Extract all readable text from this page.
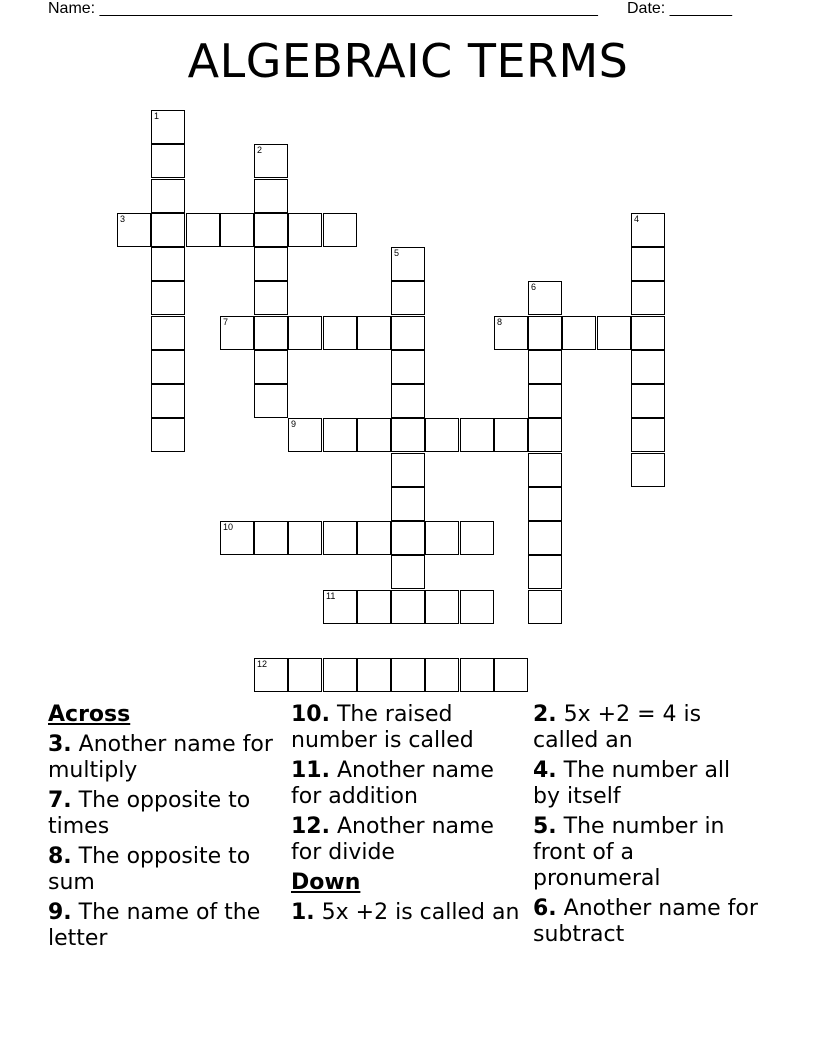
Name: ________________________________________________________ Date: _______
ALGEBRAIC TERMS
1
2
3	4
5
6
7	8
9
10
11
12
Across
3. Another name for multiply
7. The opposite to times
8. The opposite to sum
9. The name of the letter
10. The raised number is called
11. Another name for addition
12. Another name for divide
Down
1. 5x +2 is called an
2. 5x +2 = 4 is called an
4. The number all by itself
5. The number in front of a pronumeral
6. Another name for subtract
